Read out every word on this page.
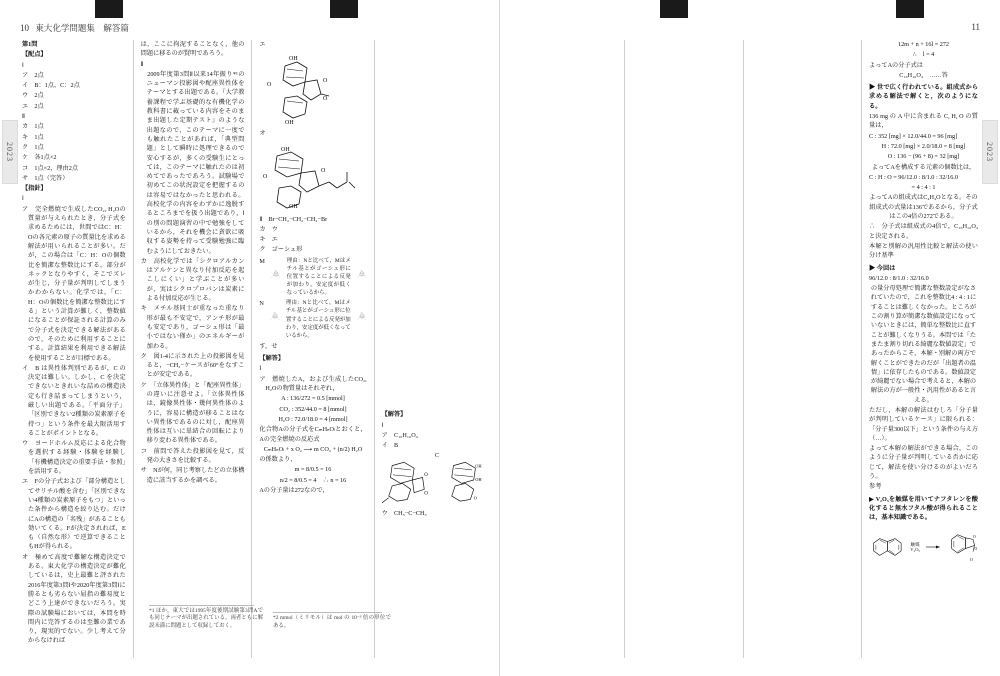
10 東大化学問題集　解答篇
2023

第1問

【配点】

Ⅰ

ア　2点

イ　B：1点，C：2点

ウ　2点

エ　2点

Ⅱ

カ　1点

キ　1点

ク　1点

ケ　各1点×2

コ　1点×2，理由2点

サ　1点（完答）

【指針】

Ⅰ

ア　完全燃焼で生成したCO₂, H₂Oの質量が与えられたとき，分子式を求めるためには，世間ではC：H：Oの各元素の原子の質量比を求める解法が用いられることが多い。だが，この場合は「C：H：Oの個数比を簡潔な整数比にする。部分がネックとなりやすく，そこでズレが生じ，分子量が判明してしまうかわからない。化学では，「C：H：Oの個数比を簡潔な整数比にする」という計算が難しく，整数値になることが保証される計算のみで分子式を決定できる解法があるので，そのために利用することにする。計算結果を利用できる解法を使用することが目標である。

イ　B は異性体判別であるが，C の決定は難しい。しかし，C を決定できないときれいな詰めの構造決定も行き詰まってしまうという，厳しい出題である。「平面分子」「区別できない2種類の炭素原子を持つ」という条件を最大限活用することがポイントとなる。

ウ　ヨードホルム反応による化合物を選択する経験・体験を経験し「有機構造決定の重要手法・参照」を活用する。

エ　Fの分子式および「部分構造としてサリチル酸を含む」「区別できない4種類の炭素原子をもつ」といった条件から構造を絞り込む。だけにAの構造の「名残」があることも効いてくる。Fが決定されれば，Eも（自然な形）で逆算できることもHが得られる。

オ　極めて高度で難解な構造決定である。東大化学の構造決定が難化しているは，史上最難と評された2016年度第3問Ⅰや2020年度第3問Ⅰに勝るとも劣らない屈指の難易度とどこう上達ができないだろう。実際の試験場においては，本問を時間内に完答するのは至難の業であり，現実的でない。少し考えて分からなければ

は，ここに拘泥することなく，他の問題に移るのが賢明であろう。

Ⅱ

　2009年度第3問Ⅱ以来14年振り*¹のニューマン投影図や配座異性体をテーマとする出題である。『大学教養課程で学ぶ基礎的な有機化学の教科書に載っている内容をそのまま出題した定期テスト』のような出題なので，このテーマに一度でも触れたことがあれば，「典型問題」として瞬時に処理できるので安心するが，多くの受験生にとっては，このテーマに触れたのは初めてであったであろう。試験場で初めてこの状況設定を把握するのは容易ではなかったと思われる。高校化学の内容をわずかに逸脱するところまでを扱う出題であり，Ⅰの別の問題演習の中で勉強をしているから，それを機会に貪欲に吸収する姿勢を持って受験勉強に臨むようにしておきたい。

カ　高校化学では「シクロアルカンはアルケンと異なり付加反応を起こしにくい」と学ぶことが多いが，実はシクロプロパンは炭素による付加反応が生じる。

キ　メチル基同士が重なった重なり形が最も不安定で，アンチ形が最も安定であり，ゴーシュ形は「最小ではない僅か」のエネルギーが加わる。

ク　図1-4に示された上の投影図を見ると，−CH₂−ケースが60°をなすことが安定である。

ケ　「立体異性体」と「配座異性体」の違いに注意せよ。「立体異性体は，鏡像異性体・幾何異性体のように，容易に構造が移ることはない異性体であるのに対し，配座異性体は互いに単結合の回転により移り変わる異性体である。

コ　前問で答えた投影図を見て，反発の大きさを比較する。

サ　Nが何，同じ考察したどの立体構造に該当するかを調べる。

*1 ほか，東大では1995年度後期試験第3問Aでも同じテーマが出題されている。両者ともに解説未満に問題として収録しておく。

エ

OH
O
O
O
OH

オ

OH
O
O
OH

Ⅱ　Br−CH₂−CH₂−CH₂−Br

カ　ウ

キ　エ

ク　ゴーシュ形

M
CH₃
H H
理由：Nと比べて，Mはメチル基とがゴーシュ形に位置することによる反発が加わり，安定度が低くなっているから。
CH₃
H H
N
CH₃
H H
理由：Nと比べて，Mはメチル基とがゴーシュ形に位置することによる反発が加わり，安定度が低くなっているから。
CH₃
H H

す，せ

【解答】

Ⅰ

ア　燃焼したA，および生成したCO₂, H₂Oの物質量はそれぞれ，

A : 136/272 = 0.5 [mmol]

CO₂ : 352/44.0 = 8 [mmol]

H₂O : 72.0/18.0 = 4 [mmol]

化合物Aの分子式をCₘHₙOₗとおくと，Aの完全燃焼の反応式

CₘHₙOₗ + x O₂ ⟶ m CO₂ + (n/2) H₂O

の係数より，

m = 8/0.5 = 16

n/2 = 8/0.5 = 4　∴ n = 16

Aの分子量は272なので，

*2 mmol（ミリモル）は mol の 10⁻³ 倍の単位である。

【解答】

Ⅰ

ア　C₁₆H₁₆O₄

イ　B

O
O
C
OH
OH
O

ウ　CH₃−C−CH₃

11
2023

12m + n + 16l = 272

∴　l = 4

よってAの分子式は

C₁₆H₁₆O₄　……答

▶ 世で広く行われている。組成式から求める解法で解くと，次のようになる。

136 mg の A 中に含まれる C, H, O の質量は，

C : 352 [mg] × 12.0/44.0 = 96 [mg]

H : 72.0 [mg] × 2.0/18.0 = 8 [mg]

O : 136 − (96 + 8) = 32 [mg]

よってAを構成する元素の個数比は，

C : H : O = 96/12.0 : 8/1.0 : 32/16.0

= 4 : 4 : 1

よってAの組成式はC₄H₄Oとなる。その組成式の式量は136であるから，分子式はこの4倍の272である。

∴　分子式は組成式の4倍で，C₁₆H₁₆O₄と決定される。

本解と別解の汎用性比較と解法の使い分け基準

▶ 今回は

96/12.0 : 8/1.0 : 32/16.0

の量分母処理で簡潔な整数設定がなされていたので，これを整数比4 : 4 : 1にすることは難しくなかった。ところがこの割り算が簡潔な数値設定になっていないときには，簡単な整数比に直すことが難しくなりうる。本問では「たまたま割り切れる綺麗な数値設定」であったからこそ，本解・別解の両方で解くことができたのだが「出題者の温情」に依存したものである。数値設定が綺麗でない場合で考えると，本解の解法の方が一般性・汎用性があると言える。

ただし，本解の解法はむしろ「分子量が判明しているケース」に限られる：「分子量300以下」という条件の与え方（…）。

よって本解の解法ができる場合，このように分子量が判明している否かに応じて，解法を使い分けるのがよいだろう。

参考

▶ V₂O₅を触媒を用いてナフタレンを酸化すると無水フタル酸が得られることは，基本知識である。

触媒
V₂O₅ →
O
O
O
